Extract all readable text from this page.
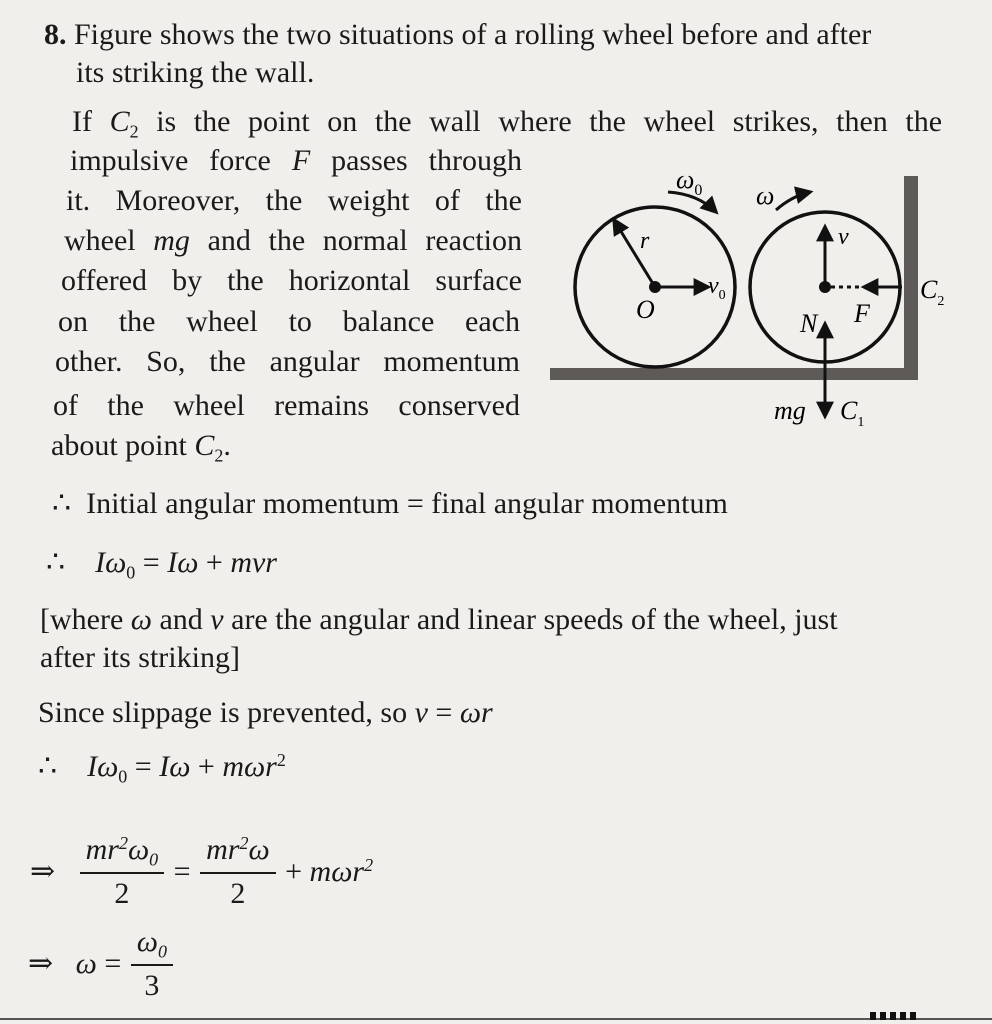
8. Figure shows the two situations of a rolling wheel before and after
its striking the wall.
If $C_2$ is the point on the wall where the wheel strikes, then the
impulsive force F passes through
it. Moreover, the weight of the
wheel mg and the normal reaction
offered by the horizontal surface
on the wheel to balance each
other. So, the angular momentum
of the wheel remains conserved
about point $C_2$.
$\omega_0$
r
O
$v_0$
ω
v
N F
$C_2$
mg $C_1$
∴ Initial angular momentum = final angular momentum
∴ $I\omega_0 = I\omega$ + mvr
[where ω and v are the angular and linear speeds of the wheel, just
after its striking]
Since slippage is prevented, so v = ωr
∴ $I\omega_0 = I\omega + m\omega r^2$
⇒ $\frac{mr^2\omega_0}{2} = \frac{mr^2\omega}{2} + m\omega r^2$
⇒ $\omega = \frac{\omega_0}{3}$
